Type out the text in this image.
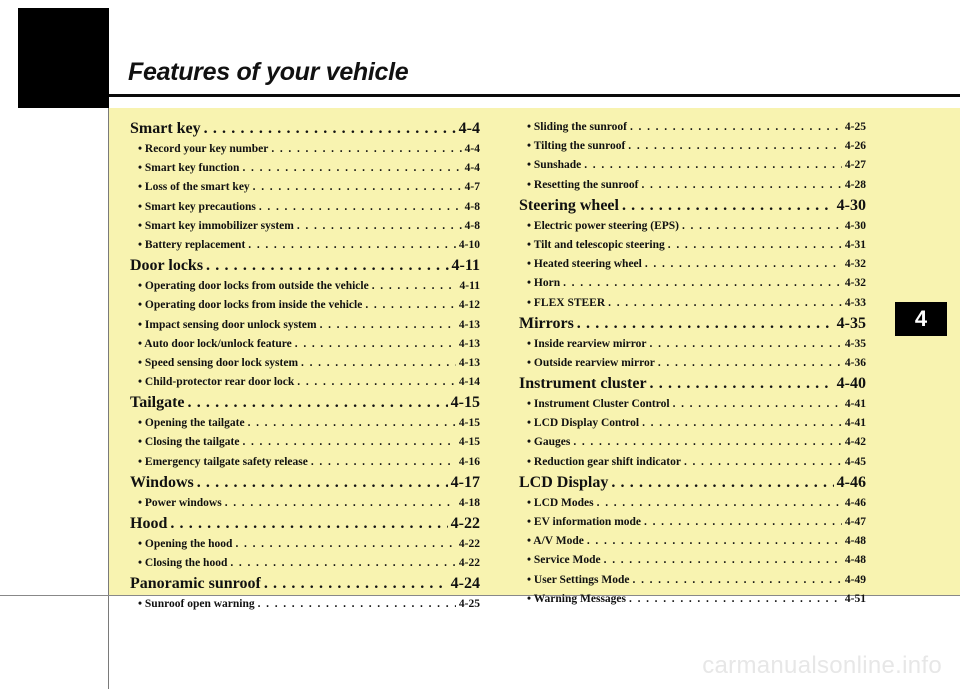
Features of your vehicle
Smart key . . .	4-4
• Record your key number . . .	4-4
• Smart key function . . .	4-4
• Loss of the smart key . . .	4-7
• Smart key precautions . . .	4-8
• Smart key immobilizer system . . .	4-8
• Battery replacement . . .	4-10
Door locks . . .	4-11
• Operating door locks from outside the vehicle . . .	4-11
• Operating door locks from inside the vehicle . . .	4-12
• Impact sensing door unlock system . . .	4-13
• Auto door lock/unlock feature . . .	4-13
• Speed sensing door lock system . . .	4-13
• Child-protector rear door lock . . .	4-14
Tailgate . . .	4-15
• Opening the tailgate . . .	4-15
• Closing the tailgate . . .	4-15
• Emergency tailgate safety release . . .	4-16
Windows . . .	4-17
• Power windows . . .	4-18
Hood . . .	4-22
• Opening the hood . . .	4-22
• Closing the hood . . .	4-22
Panoramic sunroof . . .	4-24
• Sunroof open warning . . .	4-25
• Sliding the sunroof . . .	4-25
• Tilting the sunroof . . .	4-26
• Sunshade . . .	4-27
• Resetting the sunroof . . .	4-28
Steering wheel . . .	4-30
• Electric power steering (EPS) . . .	4-30
• Tilt and telescopic steering . . .	4-31
• Heated steering wheel . . .	4-32
• Horn . . .	4-32
• FLEX STEER . . .	4-33
Mirrors . . .	4-35
• Inside rearview mirror . . .	4-35
• Outside rearview mirror . . .	4-36
Instrument cluster . . .	4-40
• Instrument Cluster Control . . .	4-41
• LCD Display Control . . .	4-41
• Gauges . . .	4-42
• Reduction gear shift indicator . . .	4-45
LCD Display . . .	4-46
• LCD Modes . . .	4-46
• EV information mode . . .	4-47
• A/V Mode . . .	4-48
• Service Mode . . .	4-48
• User Settings Mode . . .	4-49
• Warning Messages . . .	4-51
4
carmanualsonline.info
